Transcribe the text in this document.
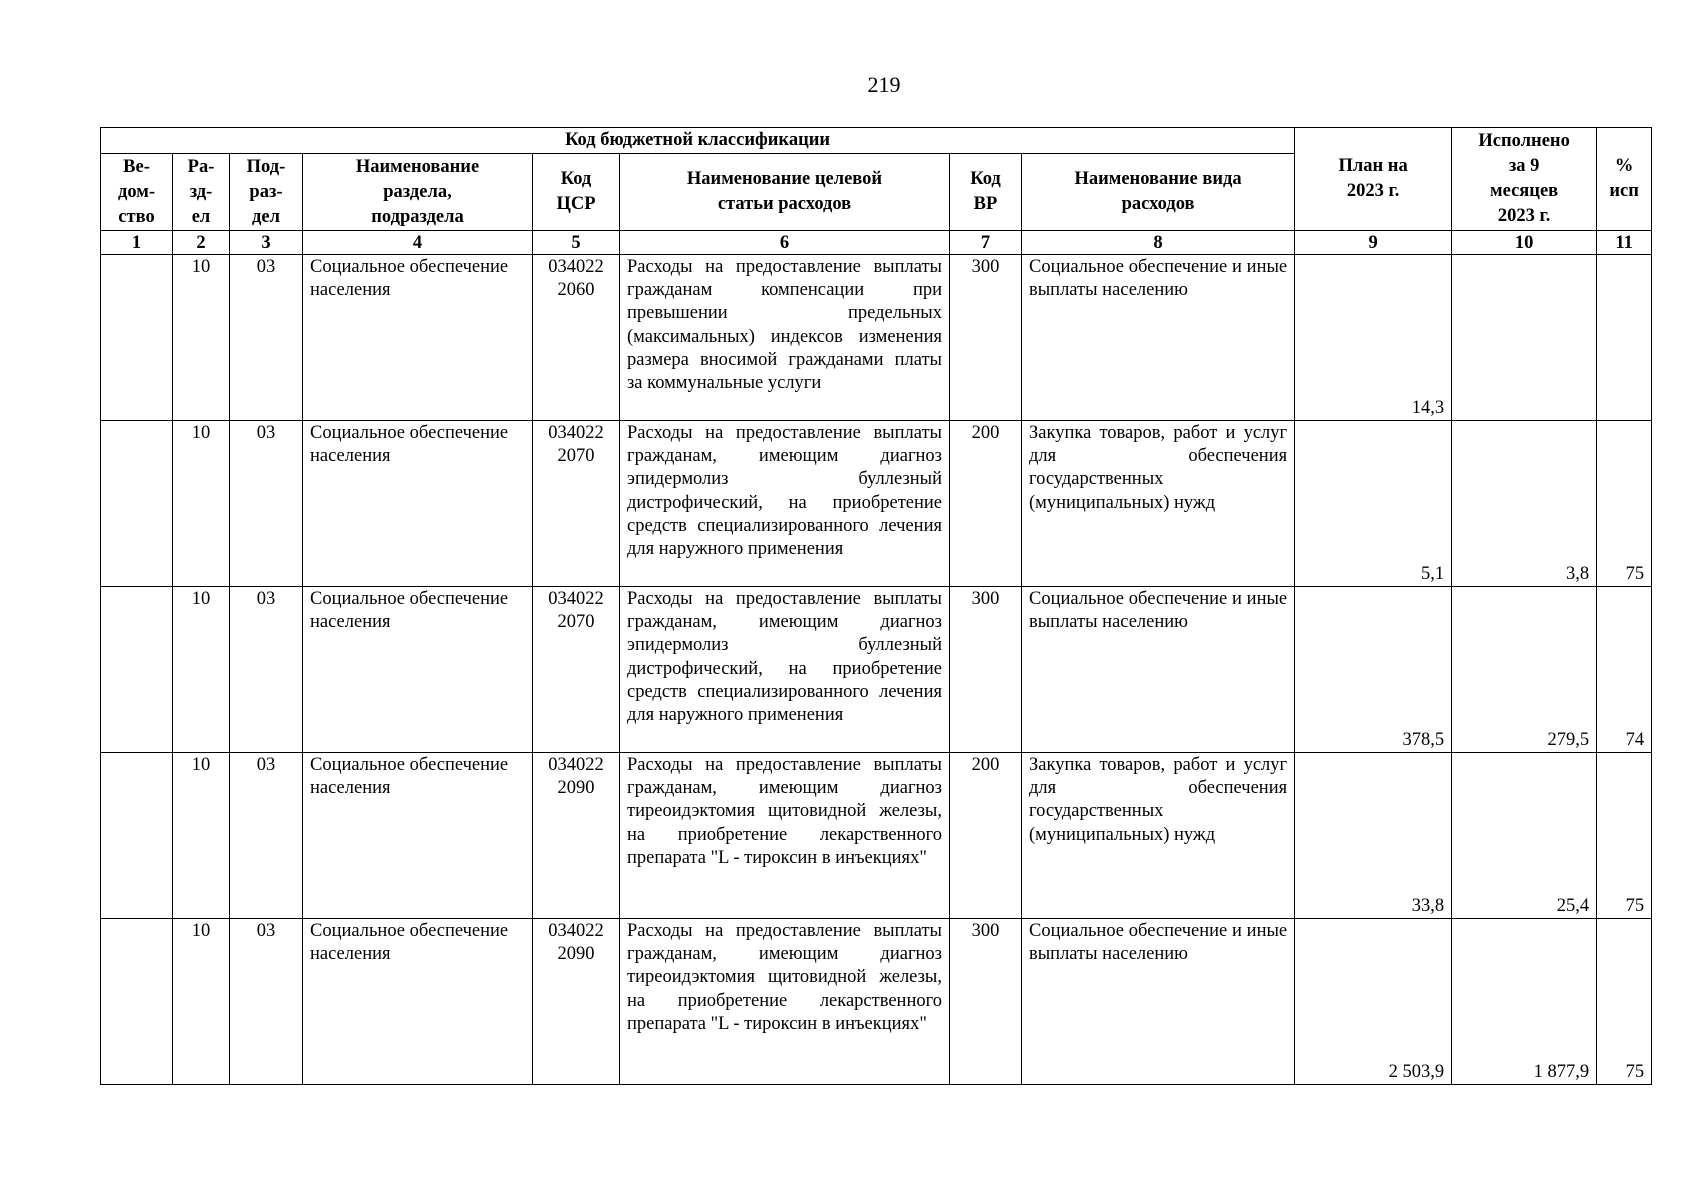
219
Код бюджетной классификации								План на
2023 г.	Исполнено
за 9
месяцев
2023 г.	%
исп
Ве-
дом-
ство	Ра-
зд-
ел	Под-
раз-
дел	Наименование
раздела,
подраздела	Код
ЦСР	Наименование целевой
статьи расходов	Код
ВР	Наименование вида
расходов			
1	2	3	4	5	6	7	8	9	10	11
	10	03	Социальное обеспечение населения	034022
2060	Расходы на предоставление выплаты гражданам компенсации при превышении предельных (максимальных) индексов изменения размера вносимой гражданами платы за коммунальные услуги	300	Социальное обеспечение и иные выплаты населению	14,3		
	10	03	Социальное обеспечение населения	034022
2070	Расходы на предоставление выплаты гражданам, имеющим диагноз эпидермолиз буллезный дистрофический, на приобретение средств специализированного лечения для наружного применения	200	Закупка товаров, работ и услуг для обеспечения государственных (муниципальных) нужд	5,1	3,8	75
	10	03	Социальное обеспечение населения	034022
2070	Расходы на предоставление выплаты гражданам, имеющим диагноз эпидермолиз буллезный дистрофический, на приобретение средств специализированного лечения для наружного применения	300	Социальное обеспечение и иные выплаты населению	378,5	279,5	74
	10	03	Социальное обеспечение населения	034022
2090	Расходы на предоставление выплаты гражданам, имеющим диагноз тиреоидэктомия щитовидной железы, на приобретение лекарственного препарата "L - тироксин в инъекциях"	200	Закупка товаров, работ и услуг для обеспечения государственных (муниципальных) нужд	33,8	25,4	75
	10	03	Социальное обеспечение населения	034022
2090	Расходы на предоставление выплаты гражданам, имеющим диагноз тиреоидэктомия щитовидной железы, на приобретение лекарственного препарата "L - тироксин в инъекциях"	300	Социальное обеспечение и иные выплаты населению	2 503,9	1 877,9	75
